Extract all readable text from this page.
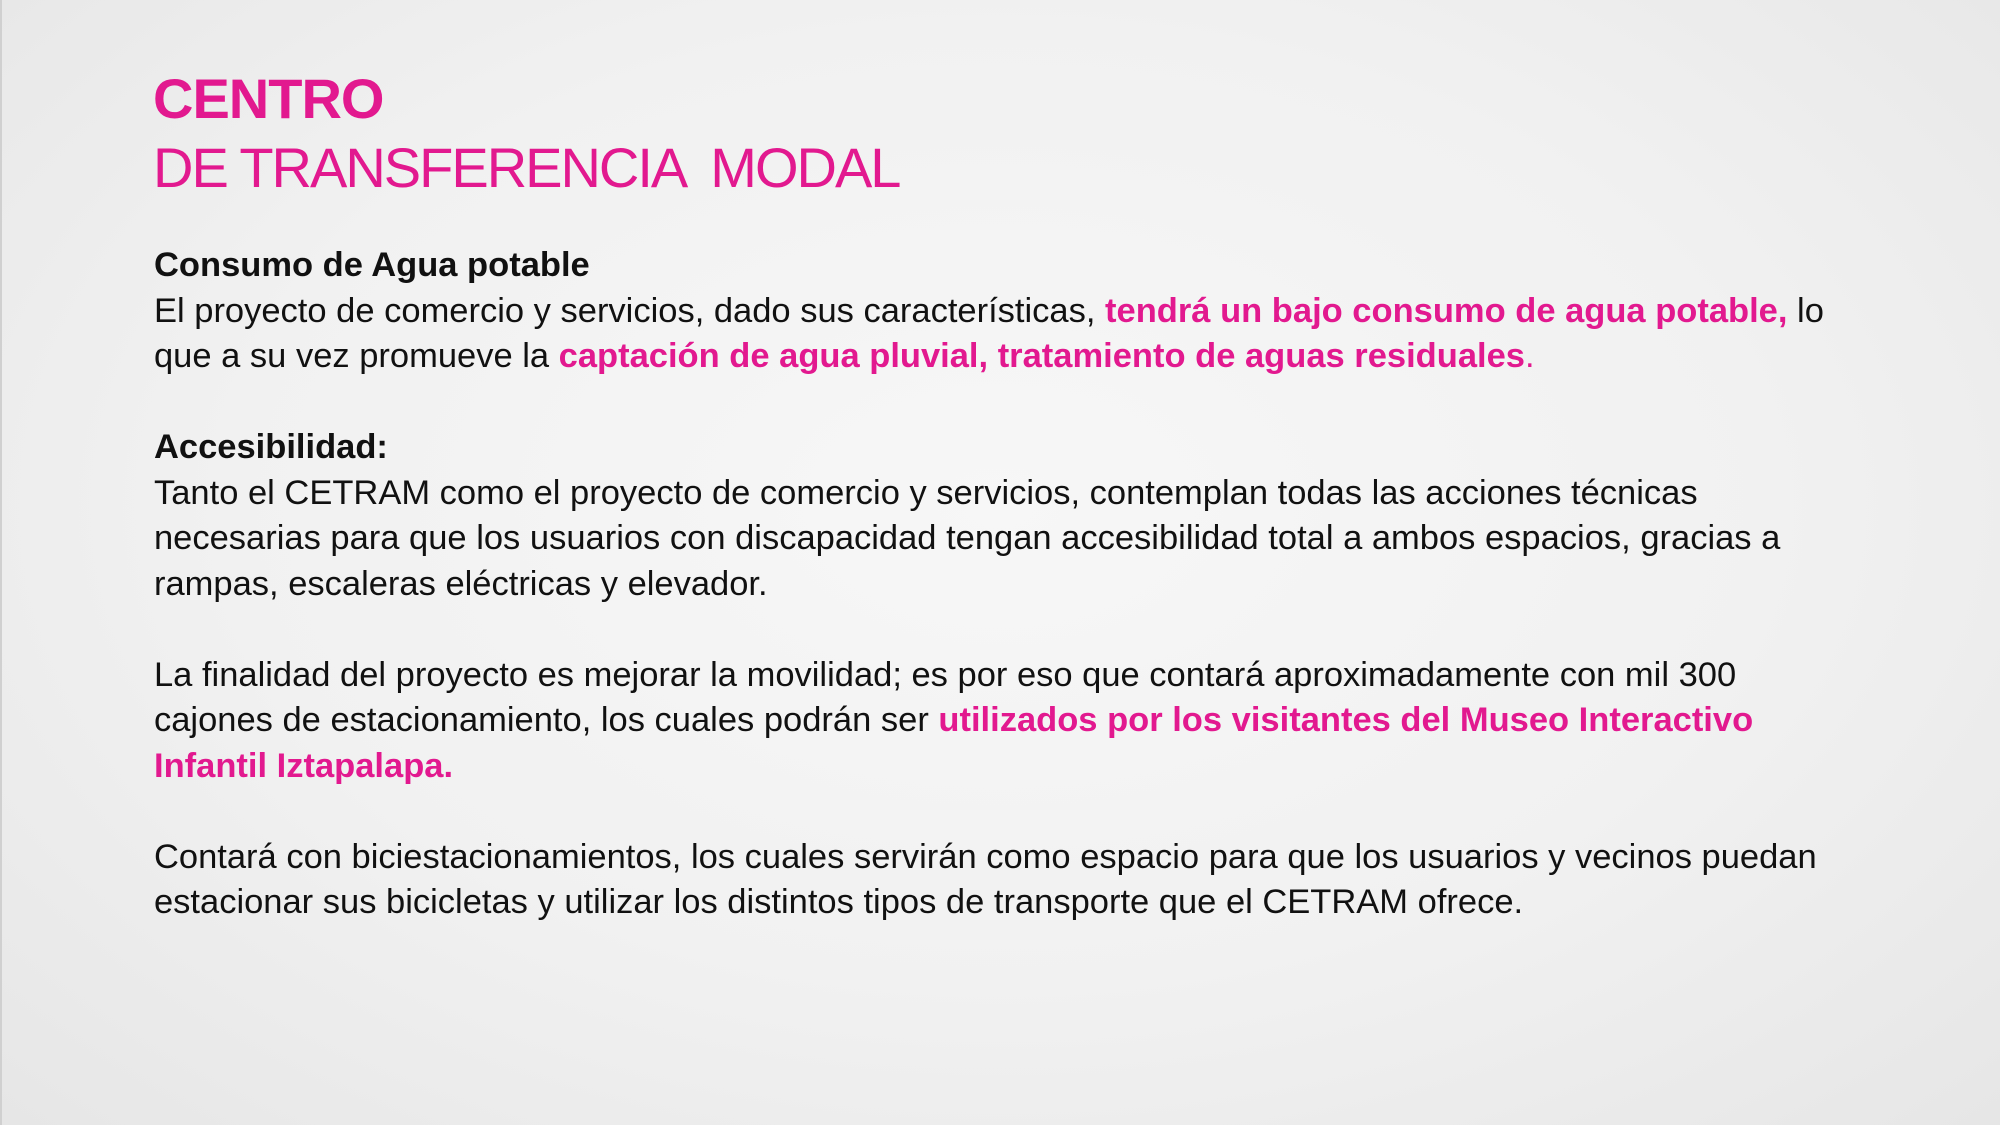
CENTRO
DE TRANSFERENCIA  MODAL

Consumo de Agua potable
El proyecto de comercio y servicios, dado sus características, tendrá un bajo consumo de agua potable, lo que a su vez promueve la captación de agua pluvial, tratamiento de aguas residuales.

Accesibilidad:
Tanto el CETRAM como el proyecto de comercio y servicios, contemplan todas las acciones técnicas necesarias para que los usuarios con discapacidad tengan accesibilidad total a ambos espacios, gracias a rampas, escaleras eléctricas y elevador.

La finalidad del proyecto es mejorar la movilidad; es por eso que contará aproximadamente con mil 300 cajones de estacionamiento, los cuales podrán ser utilizados por los visitantes del Museo Interactivo Infantil Iztapalapa.

Contará con biciestacionamientos, los cuales servirán como espacio para que los usuarios y vecinos puedan estacionar sus bicicletas y utilizar los distintos tipos de transporte que el CETRAM ofrece.
